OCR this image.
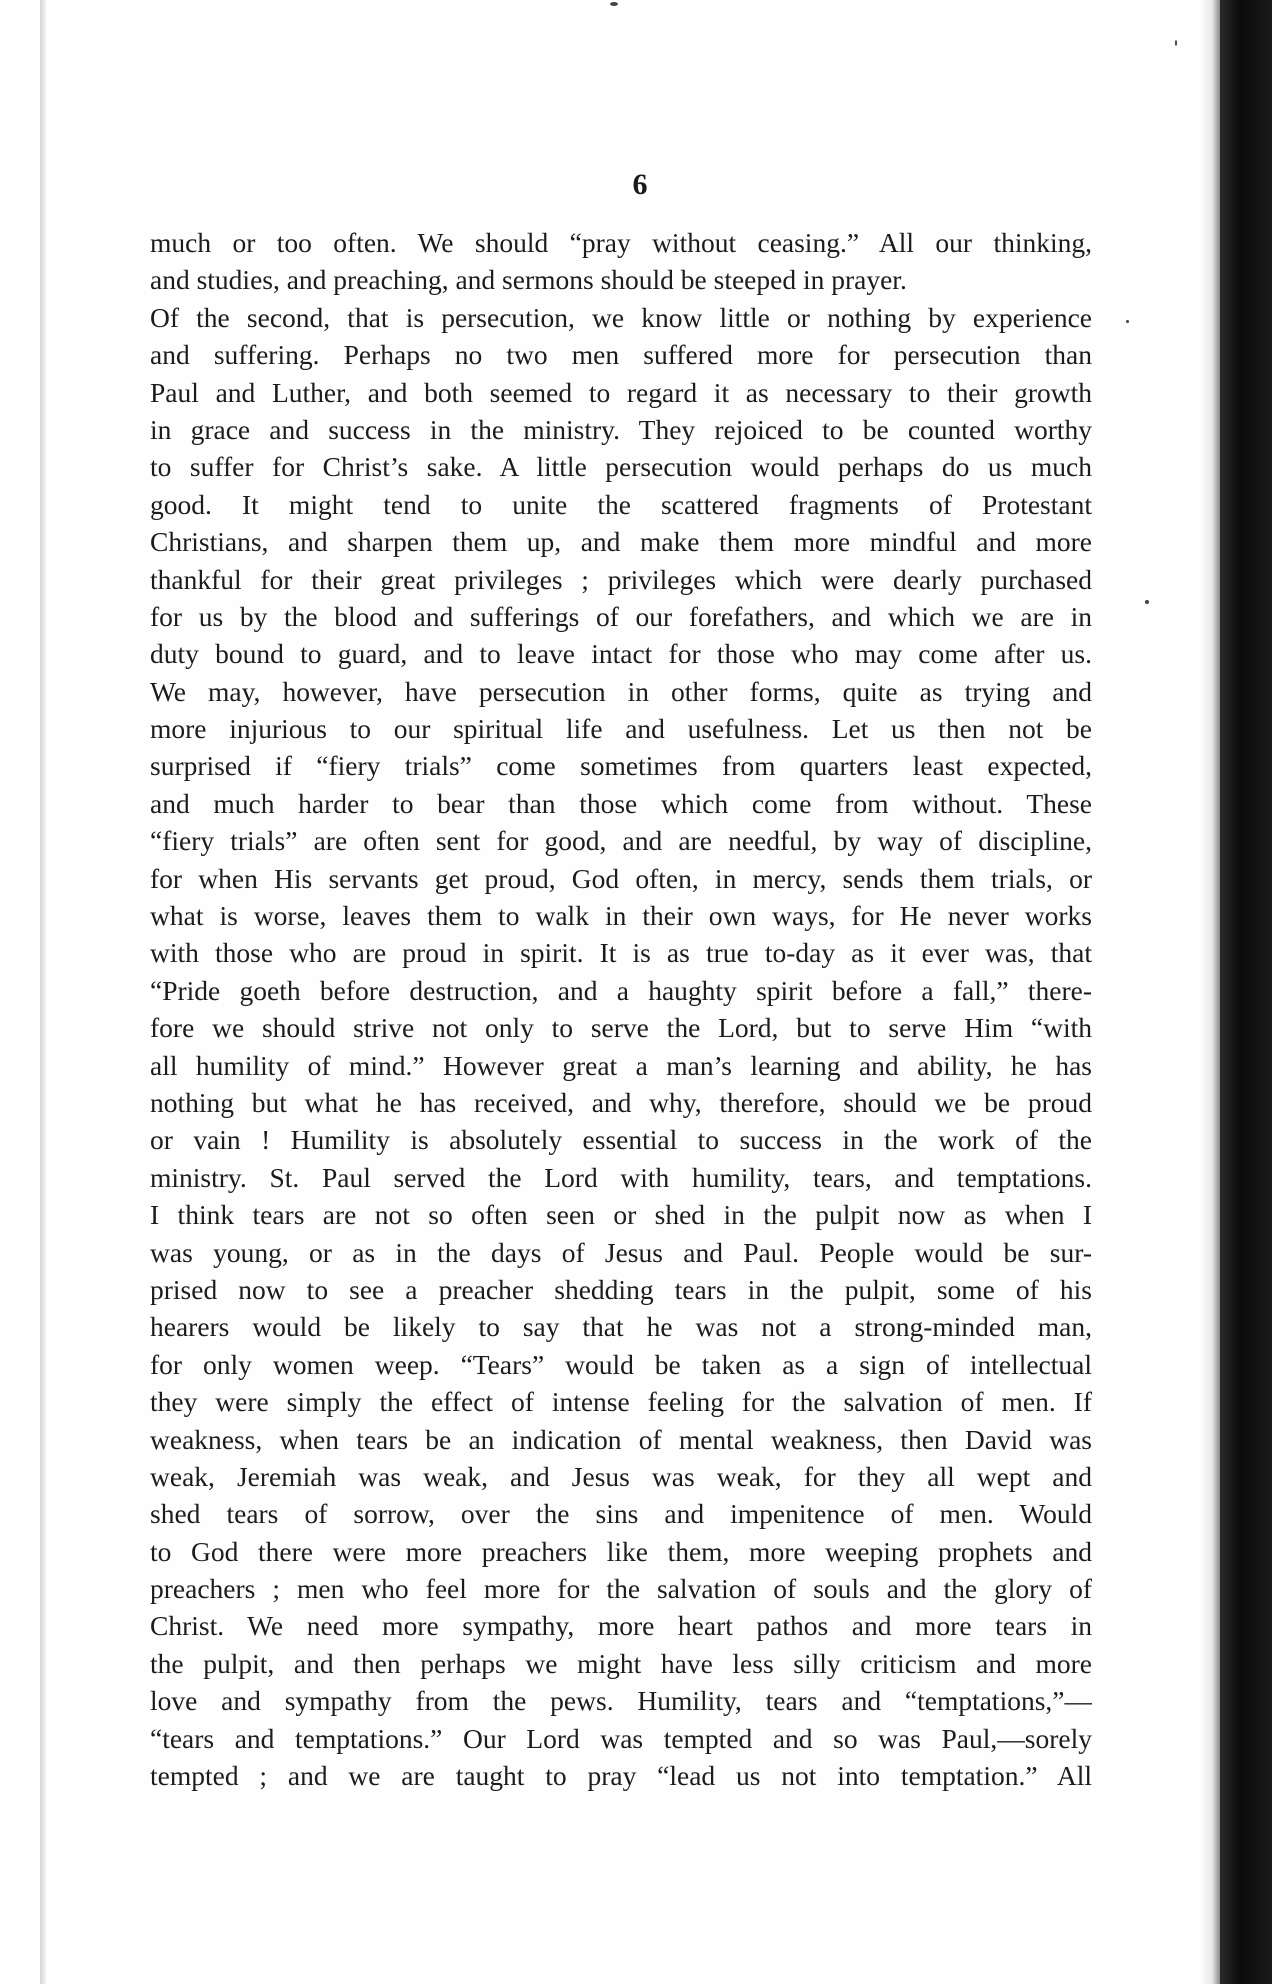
6
much or too often. We should “pray without ceasing.” All our thinking,
and studies, and preaching, and sermons should be steeped in prayer.
Of the second, that is persecution, we know little or nothing by experience
and suffering. Perhaps no two men suffered more for persecution than
Paul and Luther, and both seemed to regard it as necessary to their growth
in grace and success in the ministry. They rejoiced to be counted worthy
to suffer for Christ’s sake. A little persecution would perhaps do us much
good. It might tend to unite the scattered fragments of Protestant
Christians, and sharpen them up, and make them more mindful and more
thankful for their great privileges ; privileges which were dearly purchased
for us by the blood and sufferings of our forefathers, and which we are in
duty bound to guard, and to leave intact for those who may come after us.
We may, however, have persecution in other forms, quite as trying and
more injurious to our spiritual life and usefulness. Let us then not be
surprised if “fiery trials” come sometimes from quarters least expected,
and much harder to bear than those which come from without. These
“fiery trials” are often sent for good, and are needful, by way of discipline,
for when His servants get proud, God often, in mercy, sends them trials, or
what is worse, leaves them to walk in their own ways, for He never works
with those who are proud in spirit. It is as true to-day as it ever was, that
“Pride goeth before destruction, and a haughty spirit before a fall,” there-
fore we should strive not only to serve the Lord, but to serve Him “with
all humility of mind.” However great a man’s learning and ability, he has
nothing but what he has received, and why, therefore, should we be proud
or vain ! Humility is absolutely essential to success in the work of the
ministry. St. Paul served the Lord with humility, tears, and temptations.
I think tears are not so often seen or shed in the pulpit now as when I
was young, or as in the days of Jesus and Paul. People would be sur-
prised now to see a preacher shedding tears in the pulpit, some of his
hearers would be likely to say that he was not a strong-minded man,
for only women weep. “Tears” would be taken as a sign of intellectual
they were simply the effect of intense feeling for the salvation of men. If
weakness, when tears be an indication of mental weakness, then David was
weak, Jeremiah was weak, and Jesus was weak, for they all wept and
shed tears of sorrow, over the sins and impenitence of men. Would
to God there were more preachers like them, more weeping prophets and
preachers ; men who feel more for the salvation of souls and the glory of
Christ. We need more sympathy, more heart pathos and more tears in
the pulpit, and then perhaps we might have less silly criticism and more
love and sympathy from the pews. Humility, tears and “temptations,”—
“tears and temptations.” Our Lord was tempted and so was Paul,—sorely
tempted ; and we are taught to pray “lead us not into temptation.” All
